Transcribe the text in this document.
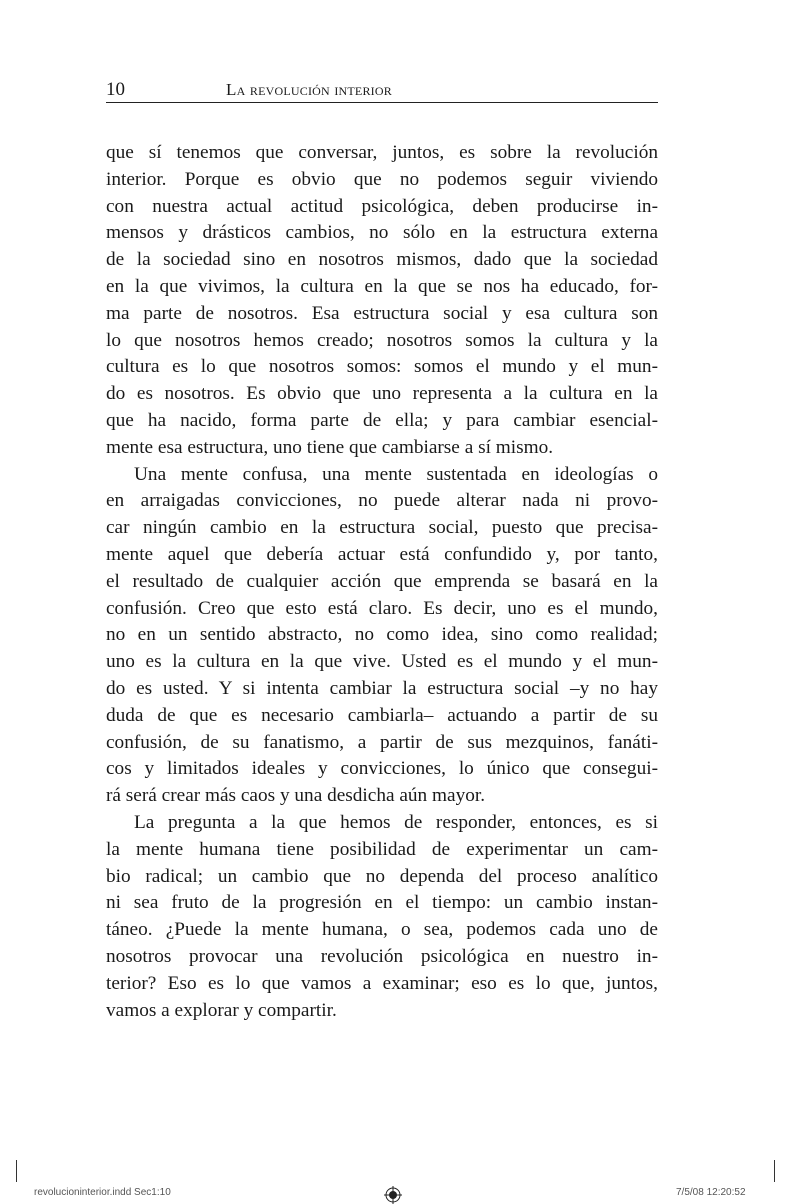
10	La revolución interior
que sí tenemos que conversar, juntos, es sobre la revolución
interior. Porque es obvio que no podemos seguir viviendo
con nuestra actual actitud psicológica, deben producirse in-
mensos y drásticos cambios, no sólo en la estructura externa
de la sociedad sino en nosotros mismos, dado que la sociedad
en la que vivimos, la cultura en la que se nos ha educado, for-
ma parte de nosotros. Esa estructura social y esa cultura son
lo que nosotros hemos creado; nosotros somos la cultura y la
cultura es lo que nosotros somos: somos el mundo y el mun-
do es nosotros. Es obvio que uno representa a la cultura en la
que ha nacido, forma parte de ella; y para cambiar esencial-
mente esa estructura, uno tiene que cambiarse a sí mismo.
Una mente confusa, una mente sustentada en ideologías o
en arraigadas convicciones, no puede alterar nada ni provo-
car ningún cambio en la estructura social, puesto que precisa-
mente aquel que debería actuar está confundido y, por tanto,
el resultado de cualquier acción que emprenda se basará en la
confusión. Creo que esto está claro. Es decir, uno es el mundo,
no en un sentido abstracto, no como idea, sino como realidad;
uno es la cultura en la que vive. Usted es el mundo y el mun-
do es usted. Y si intenta cambiar la estructura social –y no hay
duda de que es necesario cambiarla– actuando a partir de su
confusión, de su fanatismo, a partir de sus mezquinos, fanáti-
cos y limitados ideales y convicciones, lo único que consegui-
rá será crear más caos y una desdicha aún mayor.
La pregunta a la que hemos de responder, entonces, es si
la mente humana tiene posibilidad de experimentar un cam-
bio radical; un cambio que no dependa del proceso analítico
ni sea fruto de la progresión en el tiempo: un cambio instan-
táneo. ¿Puede la mente humana, o sea, podemos cada uno de
nosotros provocar una revolución psicológica en nuestro in-
terior? Eso es lo que vamos a examinar; eso es lo que, juntos,
vamos a explorar y compartir.
revolucioninterior.indd Sec1:10	7/5/08 12:20:52
